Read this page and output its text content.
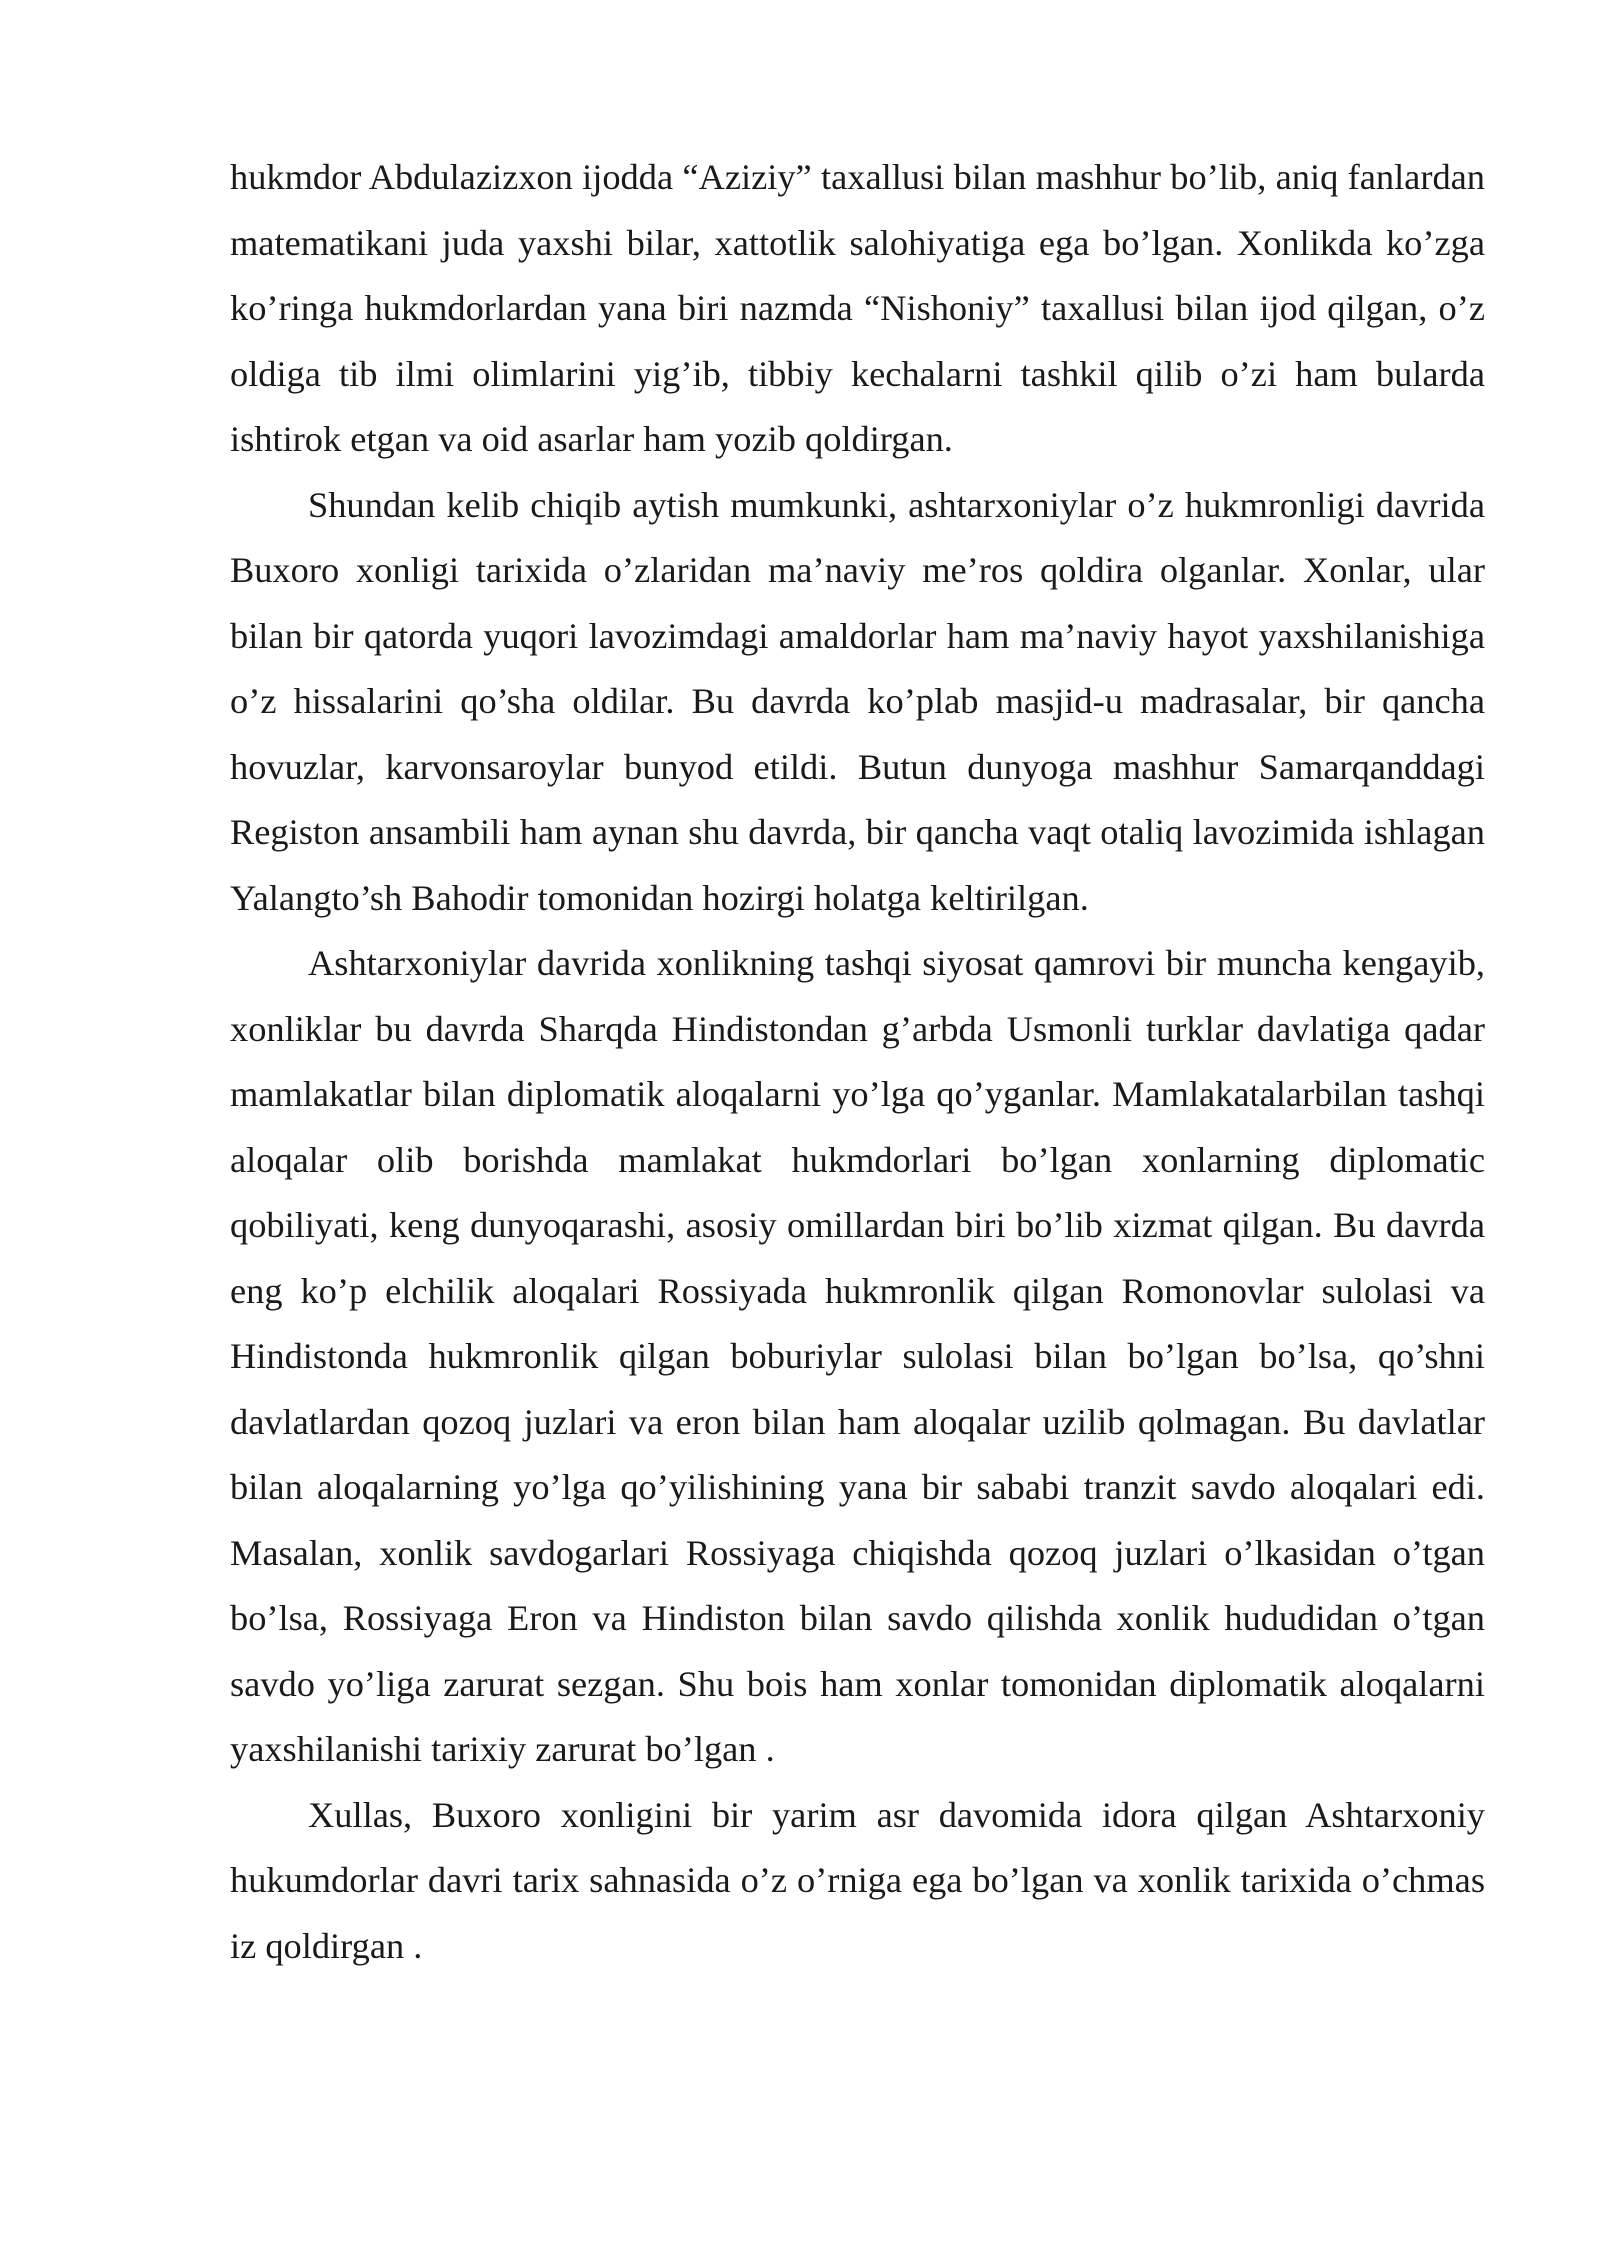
hukmdor Abdulazizxon ijodda “Aziziy” taxallusi bilan mashhur bo’lib, aniq fanlardan matematikani juda yaxshi bilar, xattotlik salohiyatiga ega bo’lgan. Xonlikda ko’zga ko’ringa hukmdorlardan yana biri nazmda “Nishoniy” taxallusi bilan ijod qilgan, o’z oldiga tib ilmi olimlarini yig’ib, tibbiy kechalarni tashkil qilib o’zi ham bularda ishtirok etgan va oid asarlar ham yozib qoldirgan.

Shundan kelib chiqib aytish mumkunki, ashtarxoniylar o’z hukmronligi davrida Buxoro xonligi tarixida o’zlaridan ma’naviy me’ros qoldira olganlar. Xonlar, ular bilan bir qatorda yuqori lavozimdagi amaldorlar ham ma’naviy hayot yaxshilanishiga o’z hissalarini qo’sha oldilar. Bu davrda ko’plab masjid-u madrasalar, bir qancha hovuzlar, karvonsaroylar bunyod etildi. Butun dunyoga mashhur Samarqanddagi Registon ansambili ham aynan shu davrda, bir qancha vaqt otaliq lavozimida ishlagan Yalangto’sh Bahodir tomonidan hozirgi holatga keltirilgan.

Ashtarxoniylar davrida xonlikning tashqi siyosat qamrovi bir muncha kengayib, xonliklar bu davrda Sharqda Hindistondan g’arbda Usmonli turklar davlatiga qadar mamlakatlar bilan diplomatik aloqalarni yo’lga qo’yganlar. Mamlakatalarbilan tashqi aloqalar olib borishda mamlakat hukmdorlari bo’lgan xonlarning diplomatic qobiliyati, keng dunyoqarashi, asosiy omillardan biri bo’lib xizmat qilgan. Bu davrda eng ko’p elchilik aloqalari Rossiyada hukmronlik qilgan Romonovlar sulolasi va Hindistonda hukmronlik qilgan boburiylar sulolasi bilan bo’lgan bo’lsa, qo’shni davlatlardan qozoq juzlari va eron bilan ham aloqalar uzilib qolmagan. Bu davlatlar bilan aloqalarning yo’lga qo’yilishining yana bir sababi tranzit savdo aloqalari edi. Masalan, xonlik savdogarlari Rossiyaga chiqishda qozoq juzlari o’lkasidan o’tgan bo’lsa, Rossiyaga Eron va Hindiston bilan savdo qilishda xonlik hududidan o’tgan savdo yo’liga zarurat sezgan. Shu bois ham xonlar tomonidan diplomatik aloqalarni yaxshilanishi tarixiy zarurat bo’lgan .

Xullas, Buxoro xonligini bir yarim asr davomida idora qilgan Ashtarxoniy hukumdorlar davri tarix sahnasida o’z o’rniga ega bo’lgan va xonlik tarixida o’chmas iz qoldirgan .
